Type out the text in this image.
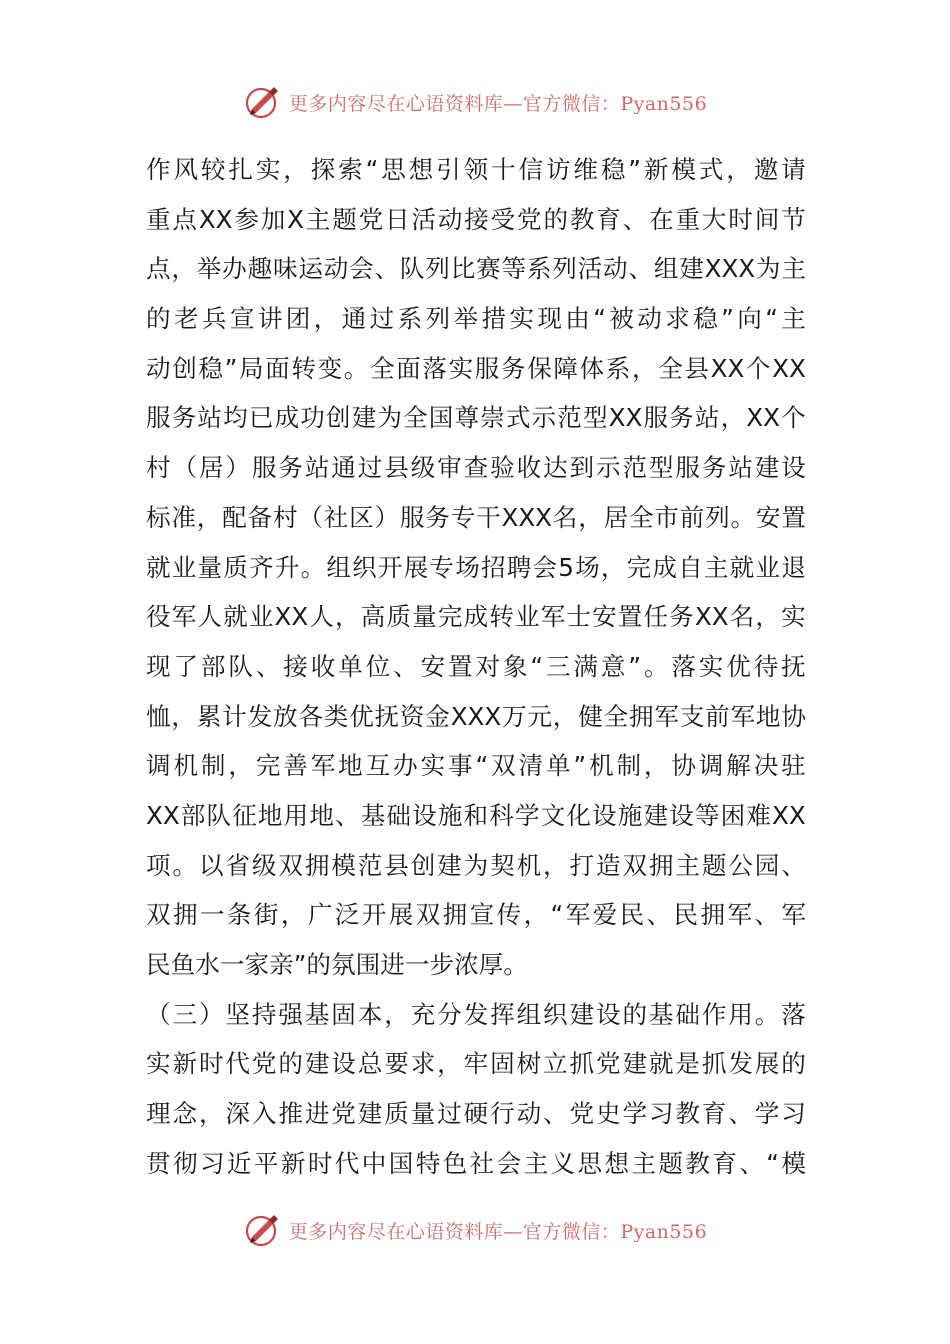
更多内容尽在心语资料库—官方微信：Pyan556
作 风 较 扎 实 ， 探 索 “ 思 想 引 领 十 信 访 维 稳 ” 新 模 式 ， 邀 请
重 点 XX 参 加 X 主 题 党 日 活 动 接 受 党 的 教 育 、 在 重 大 时 间 节
点 ， 举 办 趣 味 运 动 会 、 队 列 比 赛 等 系 列 活 动 、 组 建 XXX 为 主
的 老 兵 宣 讲 团 ， 通 过 系 列 举 措 实 现 由 “ 被 动 求 稳 ” 向 “ 主
动 创 稳 ” 局 面 转 变 。 全 面 落 实 服 务 保 障 体 系 ， 全 县 XX 个 XX
服 务 站 均 已 成 功 创 建 为 全 国 尊 崇 式 示 范 型 XX 服 务 站 ， XX 个
村 （ 居 ） 服 务 站 通 过 县 级 审 查 验 收 达 到 示 范 型 服 务 站 建 设
标 准 ， 配 备 村 （ 社 区 ） 服 务 专 干 XXX 名 ， 居 全 市 前 列 。 安 置
就 业 量 质 齐 升 。 组 织 开 展 专 场 招 聘 会 5 场 ， 完 成 自 主 就 业 退
役 军 人 就 业 XX 人 ， 高 质 量 完 成 转 业 军 士 安 置 任 务 XX 名 ， 实
现 了 部 队 、 接 收 单 位 、 安 置 对 象 “ 三 满 意 ” 。 落 实 优 待 抚
恤 ， 累 计 发 放 各 类 优 抚 资 金 XXX 万 元 ， 健 全 拥 军 支 前 军 地 协
调 机 制 ， 完 善 军 地 互 办 实 事 “ 双 清 单 ” 机 制 ， 协 调 解 决 驻
XX 部 队 征 地 用 地 、 基 础 设 施 和 科 学 文 化 设 施 建 设 等 困 难 XX
项 。 以 省 级 双 拥 模 范 县 创 建 为 契 机 ， 打 造 双 拥 主 题 公 园 、
双 拥 一 条 街 ， 广 泛 开 展 双 拥 宣 传 ， “ 军 爱 民 、 民 拥 军 、 军
民 鱼 水 一 家 亲 ” 的 氛 围 进 一 步 浓 厚 。
（ 三 ） 坚 持 强 基 固 本 ， 充 分 发 挥 组 织 建 设 的 基 础 作 用 。 落
实 新 时 代 党 的 建 设 总 要 求 ， 牢 固 树 立 抓 党 建 就 是 抓 发 展 的
理 念 ， 深 入 推 进 党 建 质 量 过 硬 行 动 、 党 史 学 习 教 育 、 学 习
贯 彻 习 近 平 新 时 代 中 国 特 色 社 会 主 义 思 想 主 题 教 育 、 “ 模
更多内容尽在心语资料库—官方微信：Pyan556
